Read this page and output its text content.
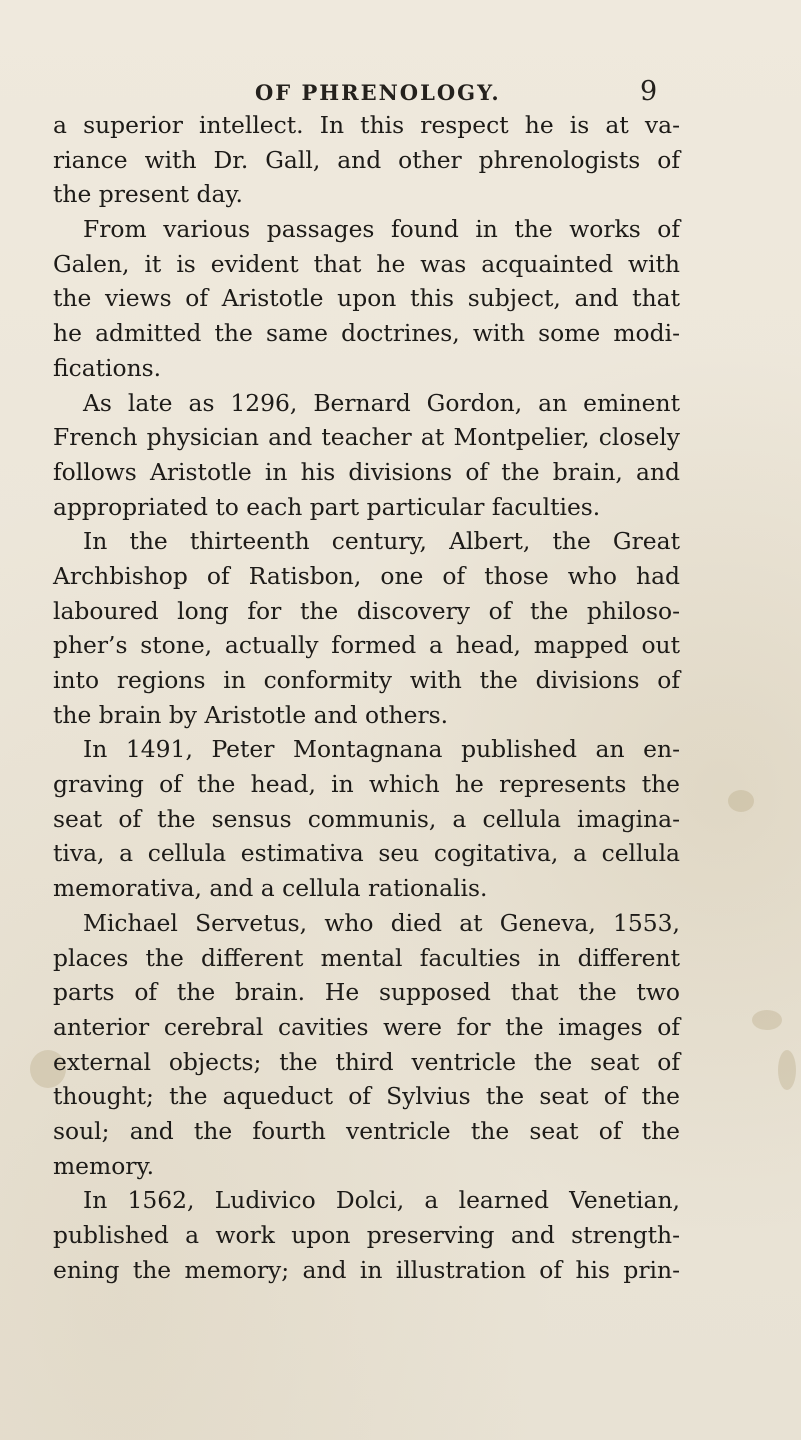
OF PHRENOLOGY.	9
a superior intellect. In this respect he is at va-
riance with Dr. Gall, and other phrenologists of
the present day.
From various passages found in the works of
Galen, it is evident that he was acquainted with
the views of Aristotle upon this subject, and that
he admitted the same doctrines, with some modi-
fications.
As late as 1296, Bernard Gordon, an eminent
French physician and teacher at Montpelier, closely
follows Aristotle in his divisions of the brain, and
appropriated to each part particular faculties.
In the thirteenth century, Albert, the Great
Archbishop of Ratisbon, one of those who had
laboured long for the discovery of the philoso-
pher’s stone, actually formed a head, mapped out
into regions in conformity with the divisions of
the brain by Aristotle and others.
In 1491, Peter Montagnana published an en-
graving of the head, in which he represents the
seat of the sensus communis, a cellula imagina-
tiva, a cellula estimativa seu cogitativa, a cellula
memorativa, and a cellula rationalis.
Michael Servetus, who died at Geneva, 1553,
places the different mental faculties in different
parts of the brain. He supposed that the two
anterior cerebral cavities were for the images of
external objects; the third ventricle the seat of
thought; the aqueduct of Sylvius the seat of the
soul; and the fourth ventricle the seat of the
memory.
In 1562, Ludivico Dolci, a learned Venetian,
published a work upon preserving and strength-
ening the memory; and in illustration of his prin-
